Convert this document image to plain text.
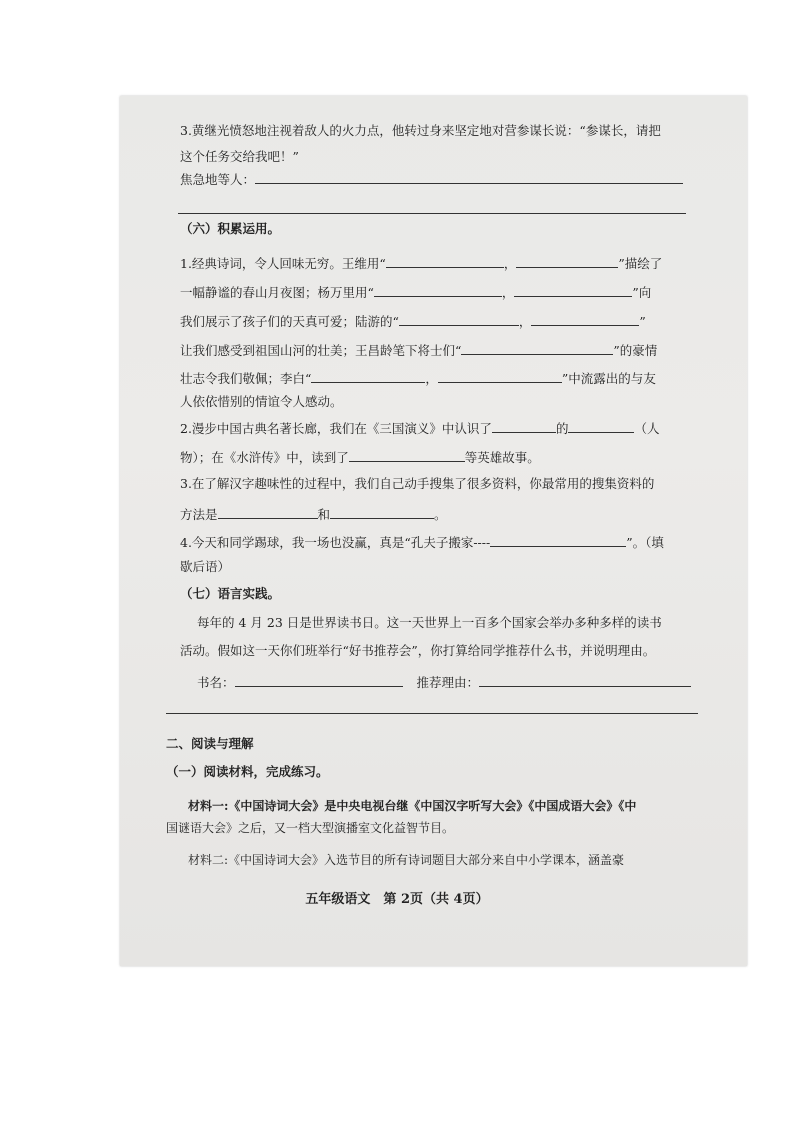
3.黄继光愤怒地注视着敌人的火力点，他转过身来坚定地对营参谋长说：“参谋长，请把
这个任务交给我吧！”
焦急地等人：
（六）积累运用。
1.经典诗词，令人回味无穷。王维用“	，	”描绘了
一幅静谧的春山月夜图；杨万里用“	，	”向
我们展示了孩子们的天真可爱；陆游的“	，	”
让我们感受到祖国山河的壮美；王昌龄笔下将士们“	”的豪情
壮志令我们敬佩；李白“	，	”中流露出的与友
人依依惜别的情谊令人感动。
2.漫步中国古典名著长廊，我们在《三国演义》中认识了	的	（人
物）；在《水浒传》中，读到了	等英雄故事。
3.在了解汉字趣味性的过程中，我们自己动手搜集了很多资料，你最常用的搜集资料的
方法是	和	。
4.今天和同学踢球，我一场也没赢，真是“孔夫子搬家----	”。（填
歇后语）
（七）语言实践。
每年的 4 月 23 日是世界读书日。这一天世界上一百多个国家会举办多种多样的读书
活动。假如这一天你们班举行“好书推荐会”，你打算给同学推荐什么书，并说明理由。
书名：	推荐理由：
二、阅读与理解
（一）阅读材料，完成练习。
材料一:《中国诗词大会》是中央电视台继《中国汉字听写大会》《中国成语大会》《中
国谜语大会》之后，又一档大型演播室文化益智节目。
材料二:《中国诗词大会》入选节目的所有诗词题目大部分来自中小学课本，涵盖豪
五年级语文　第 2页（共 4页）
